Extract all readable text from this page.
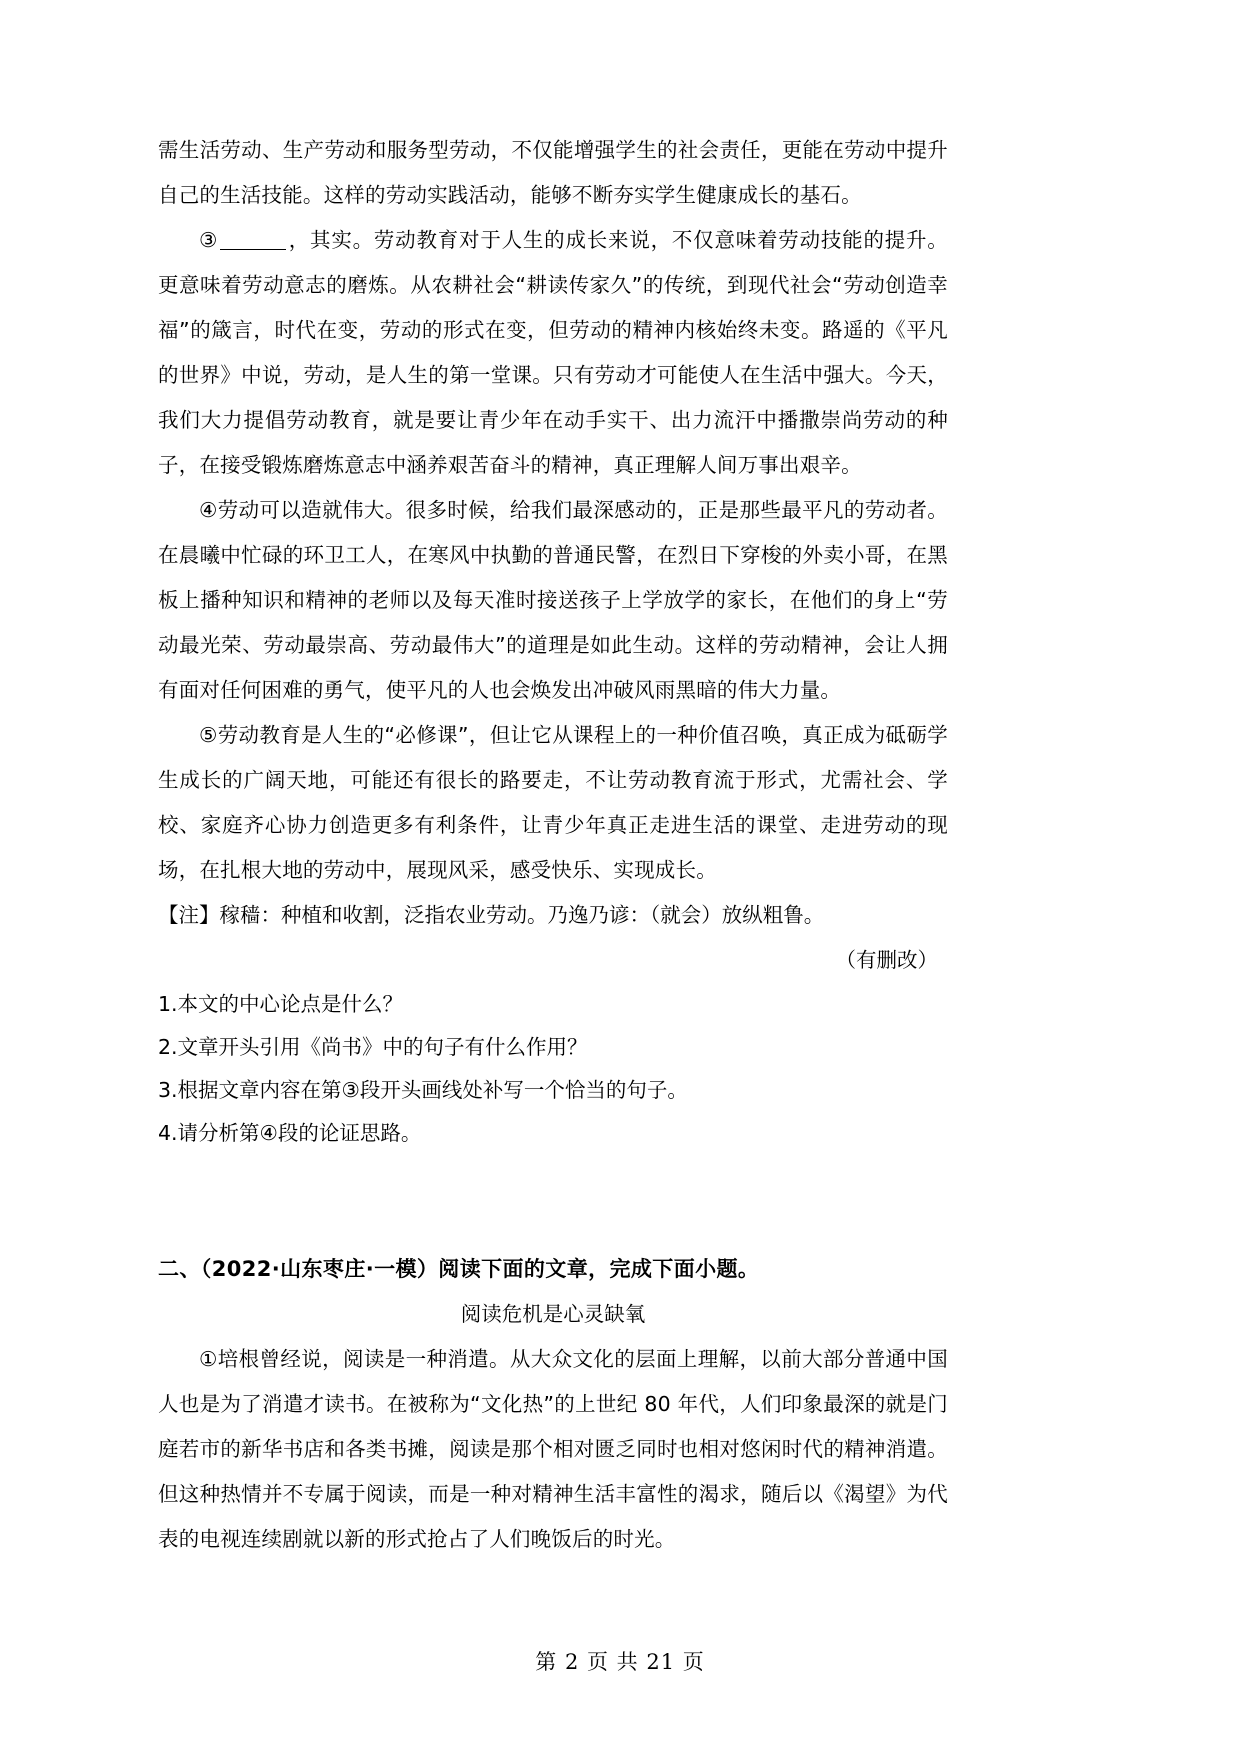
需生活劳动、生产劳动和服务型劳动，不仅能增强学生的社会责任，更能在劳动中提升自己的生活技能。这样的劳动实践活动，能够不断夯实学生健康成长的基石。

③	，其实。劳动教育对于人生的成长来说，不仅意味着劳动技能的提升。更意味着劳动意志的磨炼。从农耕社会“耕读传家久”的传统，到现代社会“劳动创造幸福”的箴言，时代在变，劳动的形式在变，但劳动的精神内核始终未变。路遥的《平凡的世界》中说，劳动，是人生的第一堂课。只有劳动才可能使人在生活中强大。今天，我们大力提倡劳动教育，就是要让青少年在动手实干、出力流汗中播撒崇尚劳动的种子，在接受锻炼磨炼意志中涵养艰苦奋斗的精神，真正理解人间万事出艰辛。

④劳动可以造就伟大。很多时候，给我们最深感动的，正是那些最平凡的劳动者。在晨曦中忙碌的环卫工人，在寒风中执勤的普通民警，在烈日下穿梭的外卖小哥，在黑板上播种知识和精神的老师以及每天准时接送孩子上学放学的家长，在他们的身上“劳动最光荣、劳动最崇高、劳动最伟大”的道理是如此生动。这样的劳动精神，会让人拥有面对任何困难的勇气，使平凡的人也会焕发出冲破风雨黑暗的伟大力量。

⑤劳动教育是人生的“必修课”，但让它从课程上的一种价值召唤，真正成为砥砺学生成长的广阔天地，可能还有很长的路要走，不让劳动教育流于形式，尤需社会、学校、家庭齐心协力创造更多有利条件，让青少年真正走进生活的课堂、走进劳动的现场，在扎根大地的劳动中，展现风采，感受快乐、实现成长。

【注】稼穑：种植和收割，泛指农业劳动。乃逸乃谚：（就会）放纵粗鲁。

（有删改）

1.本文的中心论点是什么？
2.文章开头引用《尚书》中的句子有什么作用？
3.根据文章内容在第③段开头画线处补写一个恰当的句子。
4.请分析第④段的论证思路。

二、（2022·山东枣庄·一模）阅读下面的文章，完成下面小题。

阅读危机是心灵缺氧

①培根曾经说，阅读是一种消遣。从大众文化的层面上理解，以前大部分普通中国人也是为了消遣才读书。在被称为“文化热”的上世纪 80 年代，人们印象最深的就是门庭若市的新华书店和各类书摊，阅读是那个相对匮乏同时也相对悠闲时代的精神消遣。但这种热情并不专属于阅读，而是一种对精神生活丰富性的渴求，随后以《渴望》为代表的电视连续剧就以新的形式抢占了人们晚饭后的时光。

第 2 页 共 21 页
